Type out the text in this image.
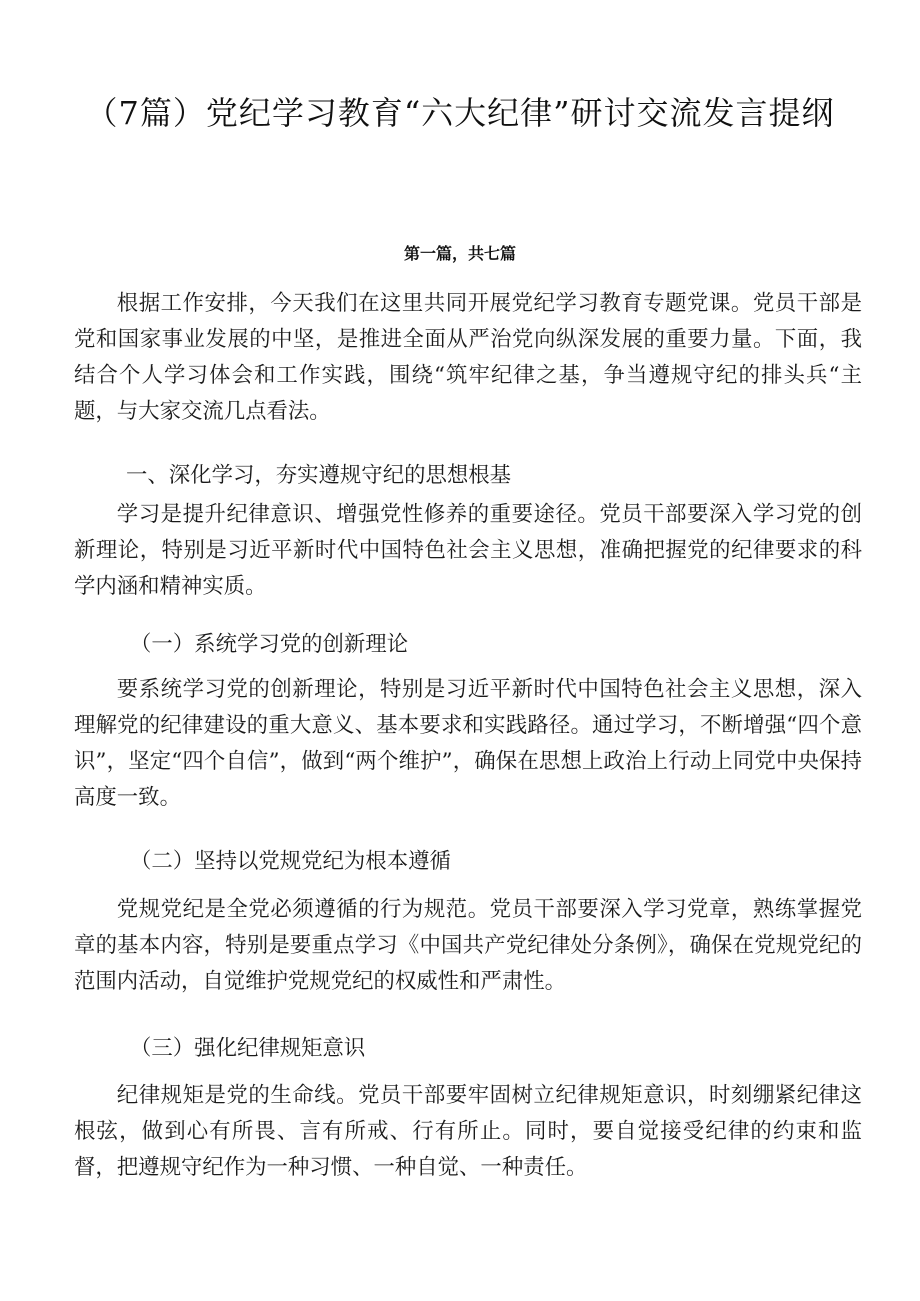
（7篇）党纪学习教育“六大纪律”研讨交流发言提纲
第一篇，共七篇

根据工作安排，今天我们在这里共同开展党纪学习教育专题党课。党员干部是党和国家事业发展的中坚，是推进全面从严治党向纵深发展的重要力量。下面，我结合个人学习体会和工作实践，围绕“筑牢纪律之基，争当遵规守纪的排头兵“主题，与大家交流几点看法。

一、深化学习，夯实遵规守纪的思想根基

学习是提升纪律意识、增强党性修养的重要途径。党员干部要深入学习党的创新理论，特别是习近平新时代中国特色社会主义思想，准确把握党的纪律要求的科学内涵和精神实质。

（一）系统学习党的创新理论

要系统学习党的创新理论，特别是习近平新时代中国特色社会主义思想，深入理解党的纪律建设的重大意义、基本要求和实践路径。通过学习，不断增强“四个意识”，坚定“四个自信”，做到“两个维护”，确保在思想上政治上行动上同党中央保持高度一致。

（二）坚持以党规党纪为根本遵循

党规党纪是全党必须遵循的行为规范。党员干部要深入学习党章，熟练掌握党章的基本内容，特别是要重点学习《中国共产党纪律处分条例》，确保在党规党纪的范围内活动，自觉维护党规党纪的权威性和严肃性。

（三）强化纪律规矩意识

纪律规矩是党的生命线。党员干部要牢固树立纪律规矩意识，时刻绷紧纪律这根弦，做到心有所畏、言有所戒、行有所止。同时，要自觉接受纪律的约束和监督，把遵规守纪作为一种习惯、一种自觉、一种责任。
